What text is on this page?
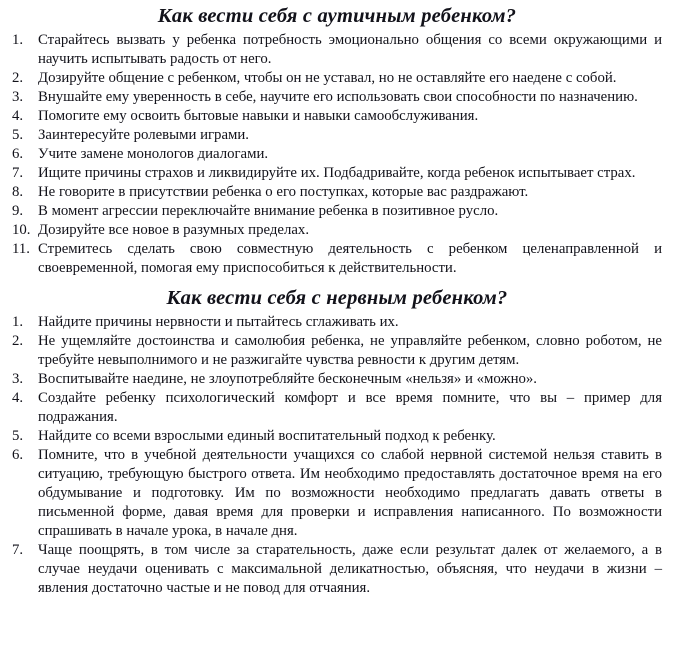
Как вести себя с аутичным ребенком?
1.	Старайтесь вызвать у ребенка потребность эмоционально общения со всеми окружающими и научить испытывать радость от него.
2.	Дозируйте общение с ребенком, чтобы он не уставал, но не оставляйте его наедене с собой.
3.	Внушайте ему уверенность в себе, научите его использовать свои способности по назначению.
4.	Помогите ему освоить бытовые навыки и навыки самообслуживания.
5.	Заинтересуйте ролевыми играми.
6.	Учите замене монологов диалогами.
7.	Ищите причины страхов и ликвидируйте их. Подбадривайте, когда ребенок испытывает страх.
8.	Не говорите в присутствии ребенка о его поступках, которые вас раздражают.
9.	В момент агрессии переключайте внимание ребенка в позитивное русло.
10. Дозируйте все новое в разумных пределах.
11. Стремитесь сделать свою совместную деятельность с ребенком целенаправленной и своевременной, помогая ему приспособиться к действительности.
Как вести себя с нервным ребенком?
1.	Найдите причины нервности и пытайтесь сглаживать их.
2.	Не ущемляйте достоинства и самолюбия ребенка, не управляйте ребенком, словно роботом, не требуйте невыполнимого и не разжигайте чувства ревности к другим детям.
3.	Воспитывайте наедине, не злоупотребляйте бесконечным «нельзя» и «можно».
4.	Создайте ребенку психологический комфорт и все время помните, что вы – пример для подражания.
5.	Найдите со всеми взрослыми единый воспитательный подход к ребенку.
6.	Помните, что в учебной деятельности учащихся со слабой нервной системой нельзя ставить в ситуацию, требующую быстрого ответа. Им необходимо предоставлять достаточное время на его обдумывание и подготовку. Им по возможности необходимо предлагать давать ответы в письменной форме, давая время для проверки и исправления написанного. По возможности спрашивать в начале урока, в начале дня.
7.	Чаще поощрять, в том числе за старательность, даже если результат далек от желаемого, а в случае неудачи оценивать с максимальной деликатностью, объясняя, что неудачи в жизни – явления достаточно частые и не повод для отчаяния.
